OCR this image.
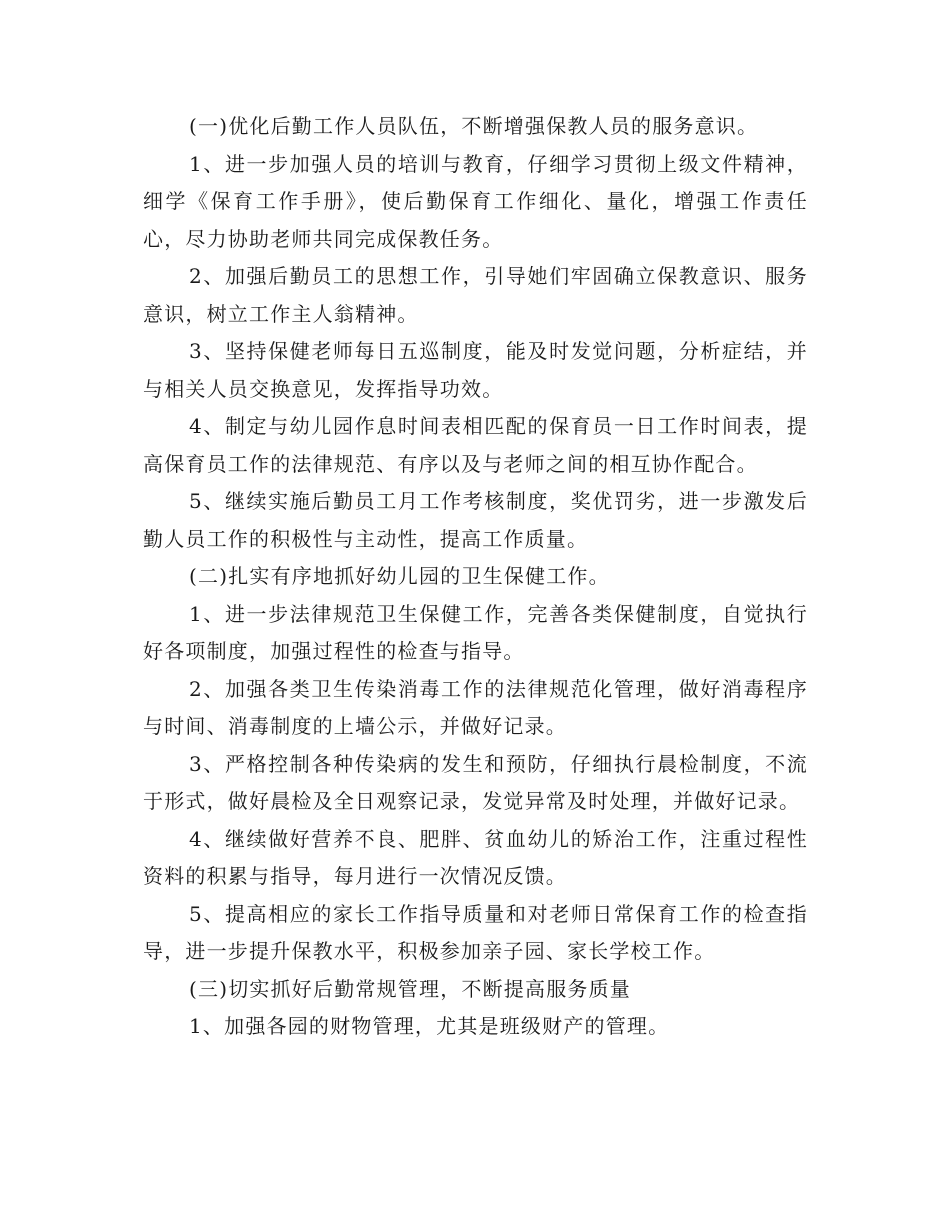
(一)优化后勤工作人员队伍，不断增强保教人员的服务意识。

1、进一步加强人员的培训与教育，仔细学习贯彻上级文件精神，细学《保育工作手册》，使后勤保育工作细化、量化，增强工作责任心，尽力协助老师共同完成保教任务。

2、加强后勤员工的思想工作，引导她们牢固确立保教意识、服务意识，树立工作主人翁精神。

3、坚持保健老师每日五巡制度，能及时发觉问题，分析症结，并与相关人员交换意见，发挥指导功效。

4、制定与幼儿园作息时间表相匹配的保育员一日工作时间表，提高保育员工作的法律规范、有序以及与老师之间的相互协作配合。

5、继续实施后勤员工月工作考核制度，奖优罚劣，进一步激发后勤人员工作的积极性与主动性，提高工作质量。

(二)扎实有序地抓好幼儿园的卫生保健工作。

1、进一步法律规范卫生保健工作，完善各类保健制度，自觉执行好各项制度，加强过程性的检查与指导。

2、加强各类卫生传染消毒工作的法律规范化管理，做好消毒程序与时间、消毒制度的上墙公示，并做好记录。

3、严格控制各种传染病的发生和预防，仔细执行晨检制度，不流于形式，做好晨检及全日观察记录，发觉异常及时处理，并做好记录。

4、继续做好营养不良、肥胖、贫血幼儿的矫治工作，注重过程性资料的积累与指导，每月进行一次情况反馈。

5、提高相应的家长工作指导质量和对老师日常保育工作的检查指导，进一步提升保教水平，积极参加亲子园、家长学校工作。

(三)切实抓好后勤常规管理，不断提高服务质量

1、加强各园的财物管理，尤其是班级财产的管理。
